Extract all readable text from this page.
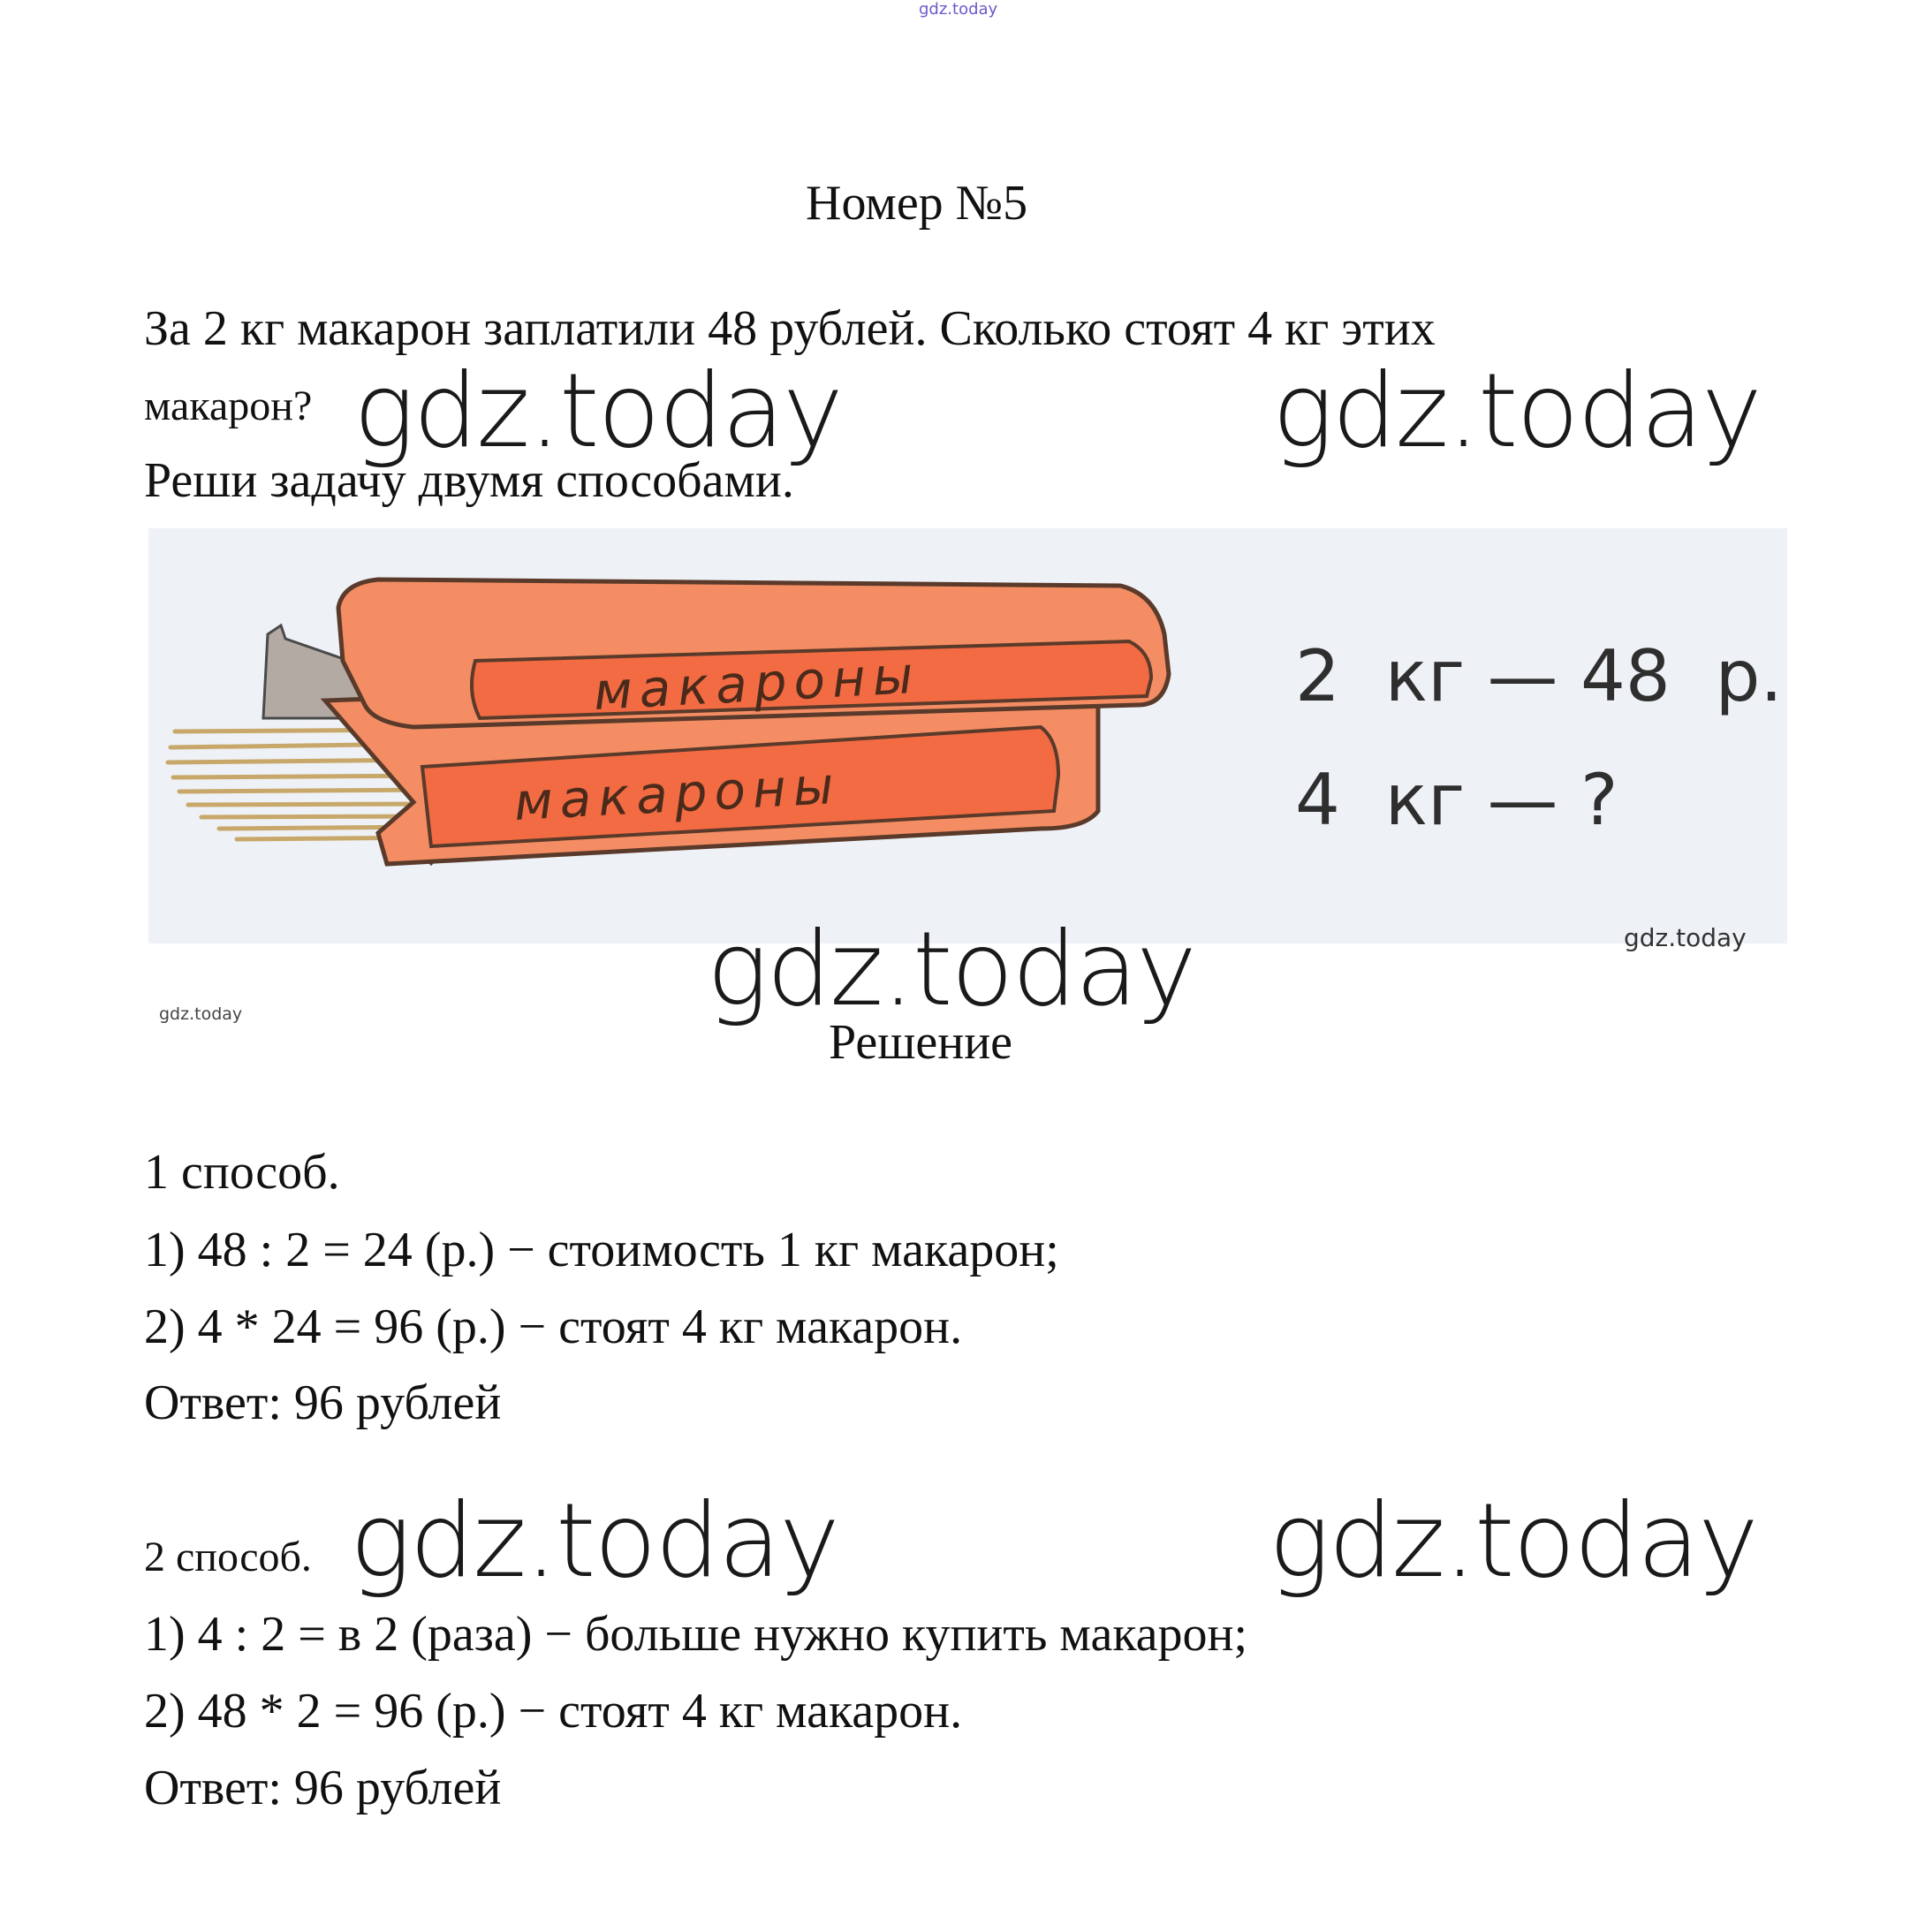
gdz.today
Номер №5
За 2 кг макарон заплатили 48 рублей. Сколько стоят 4 кг этих
макарон? gdz.today	gdz.today
Реши задачу двумя способами.
макароны
макароны
2  кг — 48  р.
4  кг — ?
gdz.today
gdz.today
gdz.today
Решение
1 способ.
1) 48 : 2 = 24 (р.) − стоимость 1 кг макарон;
2) 4 * 24 = 96 (р.) − стоят 4 кг макарон.
Ответ: 96 рублей
2 способ. gdz.today	gdz.today
1) 4 : 2 = в 2 (раза) − больше нужно купить макарон;
2) 48 * 2 = 96 (р.) − стоят 4 кг макарон.
Ответ: 96 рублей
